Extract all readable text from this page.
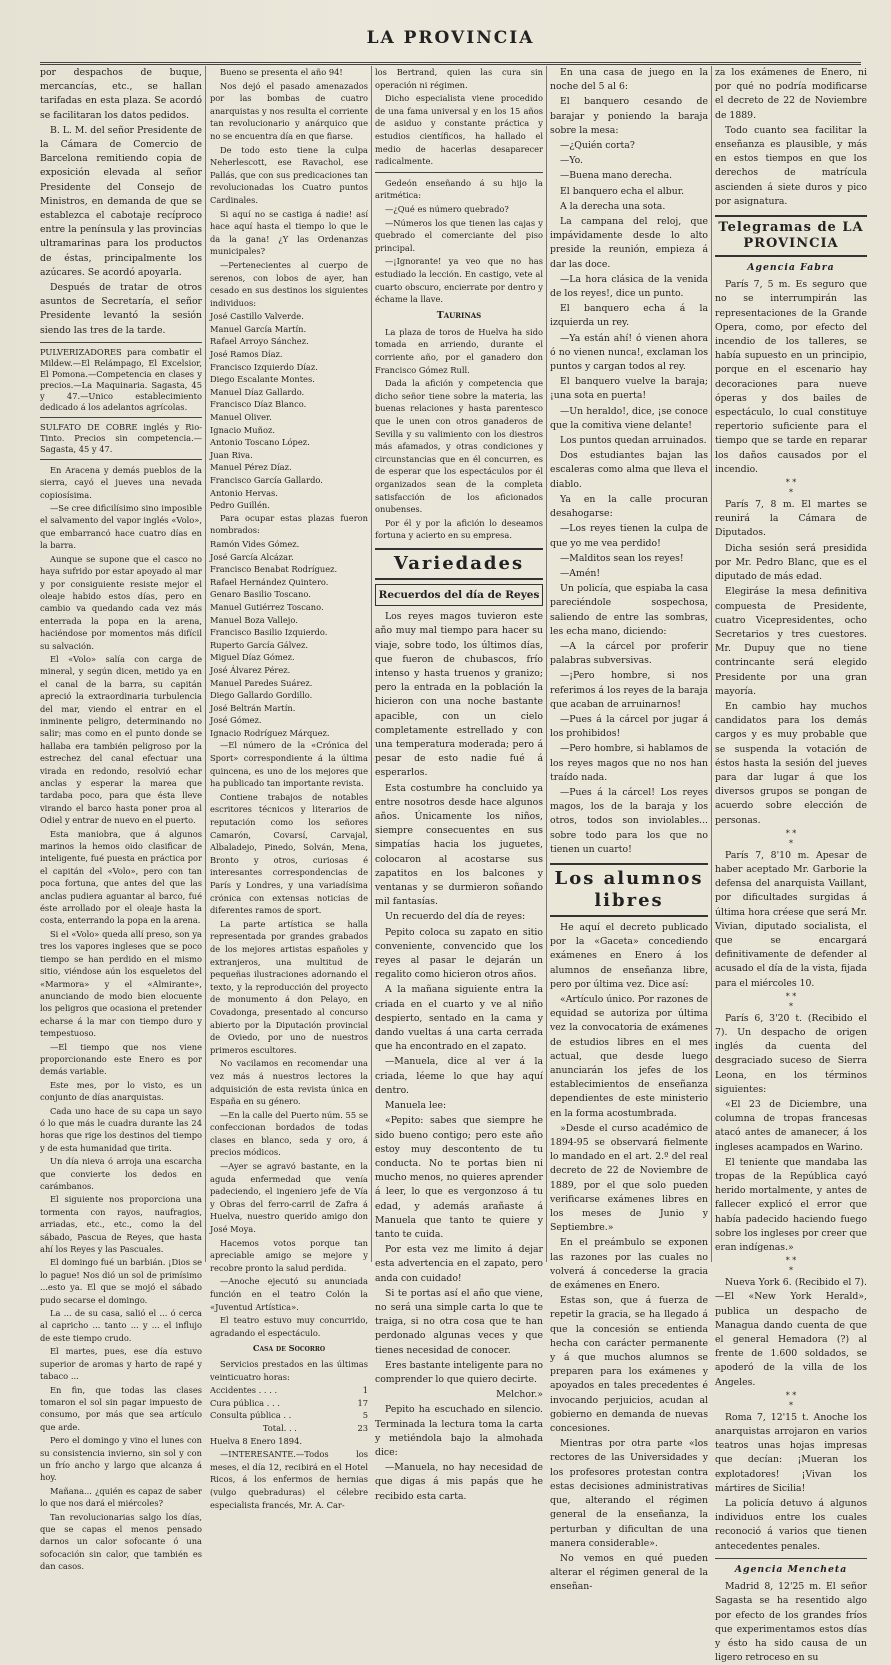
LA PROVINCIA

por despachos de buque, mercancías, etc., se hallan tarifadas en esta plaza. Se acordó se facilitaran los datos pedidos.

B. L. M. del señor Presidente de la Cámara de Comercio de Barcelona remitiendo copia de exposición elevada al señor Presidente del Consejo de Ministros, en demanda de que se establezca el cabotaje recíproco entre la península y las provincias ultramarinas para los productos de éstas, principalmente los azúcares. Se acordó apoyarla.

Después de tratar de otros asuntos de Secretaría, el señor Presidente levantó la sesión siendo las tres de la tarde.

PULVERIZADORES para combatir el Mildew.—El Relámpago, El Excelsior, El Pomona.—Competencia en clases y precios.—La Maquinaria. Sagasta, 45 y 47.—Unico establecimiento dedicado á los adelantos agrícolas.

SULFATO DE COBRE inglés y Rio-Tinto. Precios sin competencia.—Sagasta, 45 y 47.

En Aracena y demás pueblos de la sierra, cayó el jueves una nevada copiosísima.

—Se cree dificilísimo sino imposible el salvamento del vapor inglés «Volo», que embarrancó hace cuatro días en la barra.

Aunque se supone que el casco no haya sufrido por estar apoyado al mar y por consiguiente resiste mejor el oleaje habido estos días, pero en cambio va quedando cada vez más enterrada la popa en la arena, haciéndose por momentos más difícil su salvación.

El «Volo» salía con carga de mineral, y según dicen, metido ya en el canal de la barra, su capitán apreció la extraordinaria turbulencia del mar, viendo el entrar en el inminente peligro, determinando no salir; mas como en el punto donde se hallaba era también peligroso por la estrechez del canal efectuar una virada en redondo, resolvió echar anclas y esperar la marea que tardaba poco, para que ésta lleve virando el barco hasta poner proa al Odiel y entrar de nuevo en el puerto.

Esta maniobra, que á algunos marinos la hemos oido clasificar de inteligente, fué puesta en práctica por el capitán del «Volo», pero con tan poca fortuna, que antes del que las anclas pudiera aguantar al barco, fué éste arrollado por el oleaje hasta la costa, enterrando la popa en la arena.

Si el «Volo» queda allí preso, son ya tres los vapores ingleses que se poco tiempo se han perdido en el mismo sitio, viéndose aún los esqueletos del «Marmora» y el «Almirante», anunciando de modo bien elocuente los peligros que ocasiona el pretender echarse á la mar con tiempo duro y tempestuoso.

—El tiempo que nos viene proporcionando este Enero es por demás variable.

Este mes, por lo visto, es un conjunto de días anarquistas.

Cada uno hace de su capa un sayo ó lo que más le cuadra durante las 24 horas que rige los destinos del tiempo y de esta humanidad que tirita.

Un día nieva ó arroja una escarcha que convierte los dedos en carámbanos.

El siguiente nos proporciona una tormenta con rayos, naufragios, arriadas, etc., etc., como la del sábado, Pascua de Reyes, que hasta ahí los Reyes y las Pascuales.

El domingo fué un barbián. ¡Dios se lo pague! Nos dió un sol de primísimo ...esto ya. El que se mojó el sábado pudo secarse el domingo.

La ... de su casa, salió el ... ó cerca al capricho ... tanto ... y ... el influjo de este tiempo crudo.

El martes, pues, ese día estuvo superior de aromas y harto de rapé y tabaco ...

En fin, que todas las clases tomaron el sol sin pagar impuesto de consumo, por más que sea artículo que arde.

Pero el domingo y vino el lunes con su consistencia invierno, sin sol y con un frío ancho y largo que alcanza á hoy.

Mañana... ¿quién es capaz de saber lo que nos dará el miércoles?

Tan revolucionarias salgo los días, que se capas el menos pensado darnos un calor sofocante ó una sofocación sin calor, que también es dan casos.

Bueno se presenta el año 94!

Nos dejó el pasado amenazados por las bombas de cuatro anarquistas y nos resulta el corriente tan revolucionario y anárquico que no se encuentra día en que fiarse.

De todo esto tiene la culpa Neherlescott, ese Ravachol, ese Pallás, que con sus predicaciones tan revolucionadas los Cuatro puntos Cardinales.

Si aquí no se castiga á nadie! así hace aquí hasta el tiempo lo que le da la gana! ¿Y las Ordenanzas municipales?

—Pertenecientes al cuerpo de serenos, con lobos de ayer, han cesado en sus destinos los siguientes individuos:

José Castillo Valverde.

Manuel García Martín.

Rafael Arroyo Sánchez.

José Ramos Díaz.

Francisco Izquierdo Díaz.

Diego Escalante Montes.

Manuel Díaz Gallardo.

Francisco Díaz Blanco.

Manuel Oliver.

Ignacio Muñoz.

Antonio Toscano López.

Juan Riva.

Manuel Pérez Díaz.

Francisco García Gallardo.

Antonio Hervas.

Pedro Guillén.

Para ocupar estas plazas fueron nombrados:

Ramón Vides Gómez.

José García Alcázar.

Francisco Benabat Rodríguez.

Rafael Hernández Quintero.

Genaro Basilio Toscano.

Manuel Gutiérrez Toscano.

Manuel Boza Vallejo.

Francisco Basilio Izquierdo.

Ruperto García Gálvez.

Miguel Díaz Gómez.

José Álvarez Pérez.

Manuel Paredes Suárez.

Diego Gallardo Gordillo.

José Beltrán Martín.

José Gómez.

Ignacio Rodríguez Márquez.

—El número de la «Crónica del Sport» correspondiente á la última quincena, es uno de los mejores que ha publicado tan importante revista.

Contiene trabajos de notables escritores técnicos y literarios de reputación como los señores Camarón, Covarsí, Carvajal, Albaladejo, Pinedo, Solván, Mena, Bronto y otros, curiosas é interesantes correspondencias de París y Londres, y una variadísima crónica con extensas noticias de diferentes ramos de sport.

La parte artística se halla representada por grandes grabados de los mejores artistas españoles y extranjeros, una multitud de pequeñas ilustraciones adornando el texto, y la reproducción del proyecto de monumento á don Pelayo, en Covadonga, presentado al concurso abierto por la Diputación provincial de Oviedo, por uno de nuestros primeros escultores.

No vacilamos en recomendar una vez más á nuestros lectores la adquisición de esta revista única en España en su género.

—En la calle del Puerto núm. 55 se confeccionan bordados de todas clases en blanco, seda y oro, á precios módicos.

—Ayer se agravó bastante, en la aguda enfermedad que venía padeciendo, el ingeniero jefe de Vía y Obras del ferro-carril de Zafra á Huelva, nuestro querido amigo don José Moya.

Hacemos votos porque tan apreciable amigo se mejore y recobre pronto la salud perdida.

—Anoche ejecutó su anunciada función en el teatro Colón la «Juventud Artística».

El teatro estuvo muy concurrido, agradando el espectáculo.

Casa de Socorro

Servicios prestados en las últimas veinticuatro horas:

Accidentes . . . .	1
Cura pública . . .	17
Consulta pública . .	5
Total. . .	23

Huelva 8 Enero 1894.

—INTERESANTE.—Todos los meses, el día 12, recibirá en el Hotel Ricos, á los enfermos de hernias (vulgo quebraduras) el célebre especialista francés, Mr. A. Car-

los Bertrand, quien las cura sin operación ni régimen.

Dicho especialista viene procedido de una fama universal y en los 15 años de asiduo y constante práctica y estudios científicos, ha hallado el medio de hacerlas desaparecer radicalmente.

Gedeón enseñando á su hijo la aritmética:

—¿Qué es número quebrado?

—Números los que tienen las cajas y quebrado el comerciante del piso principal.

—¡Ignorante! ya veo que no has estudiado la lección. En castigo, vete al cuarto obscuro, encierrate por dentro y échame la llave.

Taurinas

La plaza de toros de Huelva ha sido tomada en arriendo, durante el corriente año, por el ganadero don Francisco Gómez Rull.

Dada la afición y competencia que dicho señor tiene sobre la materia, las buenas relaciones y hasta parentesco que le unen con otros ganaderos de Sevilla y su valimiento con los diestros más afamados, y otras condiciones y circunstancias que en él concurren, es de esperar que los espectáculos por él organizados sean de la completa satisfacción de los aficionados onubenses.

Por él y por la afición lo deseamos fortuna y acierto en su empresa.

Variedades
Recuerdos del día de Reyes

Los reyes magos tuvieron este año muy mal tiempo para hacer su viaje, sobre todo, los últimos días, que fueron de chubascos, frío intenso y hasta truenos y granizo; pero la entrada en la población la hicieron con una noche bastante apacible, con un cielo completamente estrellado y con una temperatura moderada; pero á pesar de esto nadie fué á esperarlos.

Esta costumbre ha concluido ya entre nosotros desde hace algunos años. Únicamente los niños, siempre consecuentes en sus simpatías hacia los juguetes, colocaron al acostarse sus zapatitos en los balcones y ventanas y se durmieron soñando mil fantasías.

Un recuerdo del día de reyes:

Pepito coloca su zapato en sitio conveniente, convencido que los reyes al pasar le dejarán un regalito como hicieron otros años.

A la mañana siguiente entra la criada en el cuarto y ve al niño despierto, sentado en la cama y dando vueltas á una carta cerrada que ha encontrado en el zapato.

—Manuela, dice al ver á la criada, léeme lo que hay aquí dentro.

Manuela lee:

«Pepito: sabes que siempre he sido bueno contigo; pero este año estoy muy descontento de tu conducta. No te portas bien ni mucho menos, no quieres aprender á leer, lo que es vergonzoso á tu edad, y además arañaste á Manuela que tanto te quiere y tanto te cuida.

Por esta vez me limito á dejar esta advertencia en el zapato, pero anda con cuidado!

Si te portas así el año que viene, no será una simple carta lo que te traiga, si no otra cosa que te han perdonado algunas veces y que tienes necesidad de conocer.

Eres bastante inteligente para no comprender lo que quiero decirte.

Melchor.»

Pepito ha escuchado en silencio. Terminada la lectura toma la carta y metiéndola bajo la almohada dice:

—Manuela, no hay necesidad de que digas á mis papás que he recibido esta carta.

En una casa de juego en la noche del 5 al 6:

El banquero cesando de barajar y poniendo la baraja sobre la mesa:

—¿Quién corta?

—Yo.

—Buena mano derecha.

El banquero echa el albur.

A la derecha una sota.

La campana del reloj, que impávidamente desde lo alto preside la reunión, empieza á dar las doce.

—La hora clásica de la venida de los reyes!, dice un punto.

El banquero echa á la izquierda un rey.

—Ya están ahí! ó vienen ahora ó no vienen nunca!, exclaman los puntos y cargan todos al rey.

El banquero vuelve la baraja; ¡una sota en puerta!

—Un heraldo!, dice, ¡se conoce que la comitiva viene delante!

Los puntos quedan arruinados.

Dos estudiantes bajan las escaleras como alma que lleva el diablo.

Ya en la calle procuran desahogarse:

—Los reyes tienen la culpa de que yo me vea perdido!

—Malditos sean los reyes!

—Amén!

Un policía, que espiaba la casa pareciéndole sospechosa, saliendo de entre las sombras, les echa mano, diciendo:

—A la cárcel por proferir palabras subversivas.

—¡Pero hombre, si nos referimos á los reyes de la baraja que acaban de arruinarnos!

—Pues á la cárcel por jugar á los prohibidos!

—Pero hombre, si hablamos de los reyes magos que no nos han traído nada.

—Pues á la cárcel! Los reyes magos, los de la baraja y los otros, todos son inviolables... sobre todo para los que no tienen un cuarto!

Los alumnos libres

He aquí el decreto publicado por la «Gaceta» concediendo exámenes en Enero á los alumnos de enseñanza libre, pero por última vez. Dice así:

«Artículo único. Por razones de equidad se autoriza por última vez la convocatoria de exámenes de estudios libres en el mes actual, que desde luego anunciarán los jefes de los establecimientos de enseñanza dependientes de este ministerio en la forma acostumbrada.

»Desde el curso académico de 1894-95 se observará fielmente lo mandado en el art. 2.º del real decreto de 22 de Noviembre de 1889, por el que solo pueden verificarse exámenes libres en los meses de Junio y Septiembre.»

En el preámbulo se exponen las razones por las cuales no volverá á concederse la gracia de exámenes en Enero.

Estas son, que á fuerza de repetir la gracia, se ha llegado á que la concesión se entienda hecha con carácter permanente y á que muchos alumnos se preparen para los exámenes y apoyados en tales precedentes é invocando perjuicios, acudan al gobierno en demanda de nuevas concesiones.

Mientras por otra parte «los rectores de las Universidades y los profesores protestan contra estas decisiones administrativas que, alterando el régimen general de la enseñanza, la perturban y dificultan de una manera considerable».

No vemos en qué pueden alterar el régimen general de la enseñan-

za los exámenes de Enero, ni por qué no podría modificarse el decreto de 22 de Noviembre de 1889.

Todo cuanto sea facilitar la enseñanza es plausible, y más en estos tiempos en que los derechos de matrícula ascienden á siete duros y pico por asignatura.

Telegramas de LA PROVINCIA
Agencia Fabra

París 7, 5 m. Es seguro que no se interrumpirán las representaciones de la Grande Opera, como, por efecto del incendio de los talleres, se había supuesto en un principio, porque en el escenario hay decoraciones para nueve óperas y dos bailes de espectáculo, lo cual constituye repertorio suficiente para el tiempo que se tarde en reparar los daños causados por el incendio.

* *
*

París 7, 8 m. El martes se reunirá la Cámara de Diputados.

Dicha sesión será presidida por Mr. Pedro Blanc, que es el diputado de más edad.

Elegiráse la mesa definitiva compuesta de Presidente, cuatro Vicepresidentes, ocho Secretarios y tres cuestores. Mr. Dupuy que no tiene contrincante será elegido Presidente por una gran mayoría.

En cambio hay muchos candidatos para los demás cargos y es muy probable que se suspenda la votación de éstos hasta la sesión del jueves para dar lugar á que los diversos grupos se pongan de acuerdo sobre elección de personas.

* *
*

París 7, 8'10 m. Apesar de haber aceptado Mr. Garborie la defensa del anarquista Vaillant, por dificultades surgidas á última hora créese que será Mr. Vivian, diputado socialista, el que se encargará definitivamente de defender al acusado el día de la vista, fijada para el miércoles 10.

* *
*

París 6, 3'20 t. (Recibido el 7). Un despacho de origen inglés da cuenta del desgraciado suceso de Sierra Leona, en los términos siguientes:

«El 23 de Diciembre, una columna de tropas francesas atacó antes de amanecer, á los ingleses acampados en Warino.

El teniente que mandaba las tropas de la República cayó herido mortalmente, y antes de fallecer explicó el error que había padecido haciendo fuego sobre los ingleses por creer que eran indígenas.»

* *
*

Nueva York 6. (Recibido el 7).—El «New York Herald», publica un despacho de Managua dando cuenta de que el general Hemadora (?) al frente de 1.600 soldados, se apoderó de la villa de los Angeles.

* *
*

Roma 7, 12'15 t. Anoche los anarquistas arrojaron en varios teatros unas hojas impresas que decían: ¡Mueran los explotadores! ¡Vivan los mártires de Sicilia!

La policía detuvo á algunos individuos entre los cuales reconoció á varios que tienen antecedentes penales.

Agencia Mencheta

Madrid 8, 12'25 m. El señor Sagasta se ha resentido algo por efecto de los grandes fríos que experimentamos estos días y ésto ha sido causa de un ligero retroceso en su
